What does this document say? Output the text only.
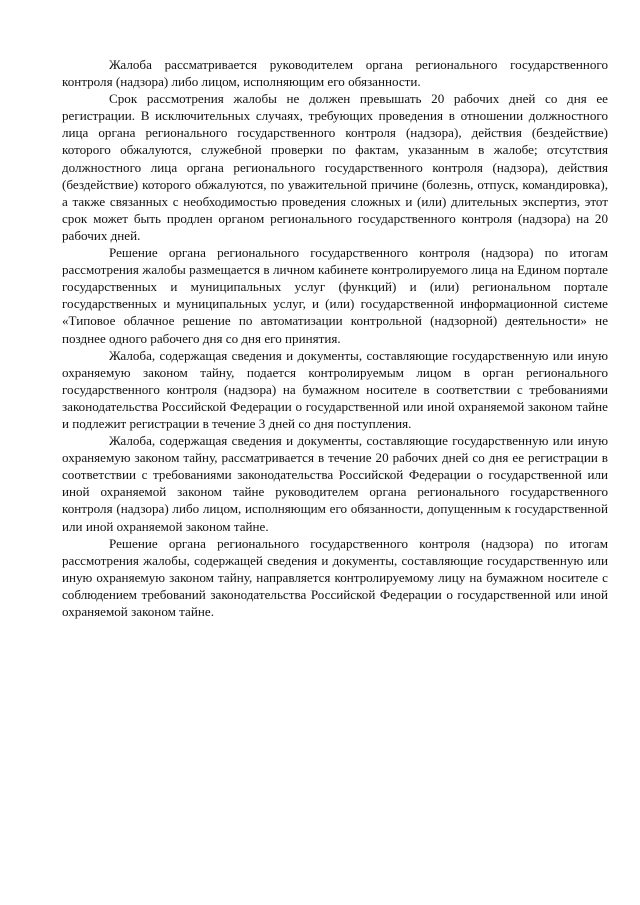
Жалоба рассматривается руководителем органа регионального государственного контроля (надзора) либо лицом, исполняющим его обязанности.

Срок рассмотрения жалобы не должен превышать 20 рабочих дней со дня ее регистрации. В исключительных случаях, требующих проведения в отношении должностного лица органа регионального государственного контроля (надзора), действия (бездействие) которого обжалуются, служебной проверки по фактам, указанным в жалобе; отсутствия должностного лица органа регионального государственного контроля (надзора), действия (бездействие) которого обжалуются, по уважительной причине (болезнь, отпуск, командировка), а также связанных с необходимостью проведения сложных и (или) длительных экспертиз, этот срок может быть продлен органом регионального государственного контроля (надзора) на 20 рабочих дней.

Решение органа регионального государственного контроля (надзора) по итогам рассмотрения жалобы размещается в личном кабинете контролируемого лица на Едином портале государственных и муниципальных услуг (функций) и (или) региональном портале государственных и муниципальных услуг, и (или) государственной информационной системе «Типовое облачное решение по автоматизации контрольной (надзорной) деятельности» не позднее одного рабочего дня со дня его принятия.

Жалоба, содержащая сведения и документы, составляющие государственную или иную охраняемую законом тайну, подается контролируемым лицом в орган регионального государственного контроля (надзора) на бумажном носителе в соответствии с требованиями законодательства Российской Федерации о государственной или иной охраняемой законом тайне и подлежит регистрации в течение 3 дней со дня поступления.

Жалоба, содержащая сведения и документы, составляющие государственную или иную охраняемую законом тайну, рассматривается в течение 20 рабочих дней со дня ее регистрации в соответствии с требованиями законодательства Российской Федерации о государственной или иной охраняемой законом тайне руководителем органа регионального государственного контроля (надзора) либо лицом, исполняющим его обязанности, допущенным к государственной или иной охраняемой законом тайне.

Решение органа регионального государственного контроля (надзора) по итогам рассмотрения жалобы, содержащей сведения и документы, составляющие государственную или иную охраняемую законом тайну, направляется контролируемому лицу на бумажном носителе с соблюдением требований законодательства Российской Федерации о государственной или иной охраняемой законом тайне.
